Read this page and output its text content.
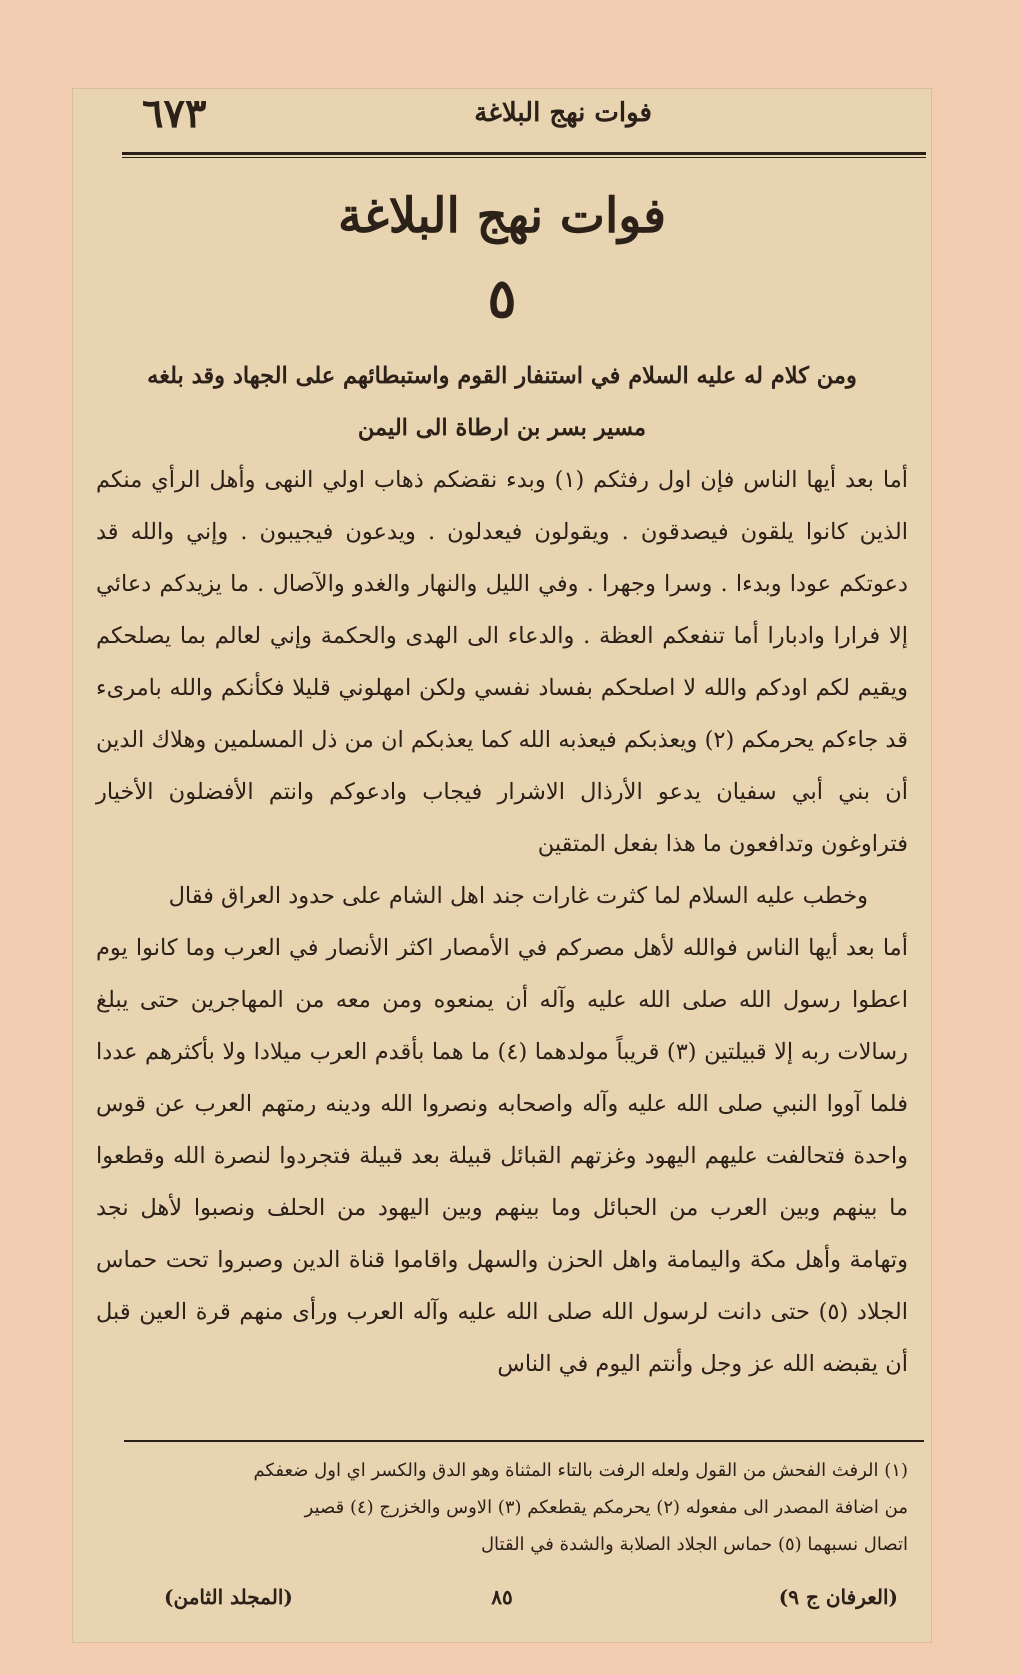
فوات نهج البلاغة
٦٧٣
فوات نهج البلاغة
٥

ومن كلام له عليه السلام في استنفار القوم واستبطائهم على الجهاد وقد بلغه

مسير بسر بن ارطاة الى اليمن

أما بعد أيها الناس فإن اول رفثكم (١) وبدء نقضكم ذهاب اولي النهى وأهل الرأي منكم الذين كانوا يلقون فيصدقون . ويقولون فيعدلون . ويدعون فيجيبون . وإني والله قد دعوتكم عودا وبدءا . وسرا وجهرا . وفي الليل والنهار والغدو والآصال . ما يزيدكم دعائي إلا فرارا وادبارا أما تنفعكم العظة . والدعاء الى الهدى والحكمة وإني لعالم بما يصلحكم ويقيم لكم اودكم والله لا اصلحكم بفساد نفسي ولكن امهلوني قليلا فكأنكم والله بامرىء قد جاءكم يحرمكم (٢) ويعذبكم فيعذبه الله كما يعذبكم ان من ذل المسلمين وهلاك الدين أن بني أبي سفيان يدعو الأرذال الاشرار فيجاب وادعوكم وانتم الأفضلون الأخيار فتراوغون وتدافعون ما هذا بفعل المتقين

وخطب عليه السلام لما كثرت غارات جند اهل الشام على حدود العراق فقال

أما بعد أيها الناس فوالله لأهل مصركم في الأمصار اكثر الأنصار في العرب وما كانوا يوم اعطوا رسول الله صلى الله عليه وآله أن يمنعوه ومن معه من المهاجرين حتى يبلغ رسالات ربه إلا قبيلتين (٣) قريباً مولدهما (٤) ما هما بأقدم العرب ميلادا ولا بأكثرهم عددا فلما آووا النبي صلى الله عليه وآله واصحابه ونصروا الله ودينه رمتهم العرب عن قوس واحدة فتحالفت عليهم اليهود وغزتهم القبائل قبيلة بعد قبيلة فتجردوا لنصرة الله وقطعوا ما بينهم وبين العرب من الحبائل وما بينهم وبين اليهود من الحلف ونصبوا لأهل نجد وتهامة وأهل مكة واليمامة واهل الحزن والسهل واقاموا قناة الدين وصبروا تحت حماس الجلاد (٥) حتى دانت لرسول الله صلى الله عليه وآله العرب ورأى منهم قرة العين قبل أن يقبضه الله عز وجل وأنتم اليوم في الناس

(١) الرفث الفحش من القول ولعله الرفت بالتاء المثناة وهو الدق والكسر اي اول ضعفكم

من اضافة المصدر الى مفعوله (٢) يحرمكم يقطعكم (٣) الاوس والخزرج (٤) قصير

اتصال نسبهما (٥) حماس الجلاد الصلابة والشدة في القتال

(العرفان ج ٩)
٨٥
(المجلد الثامن)
